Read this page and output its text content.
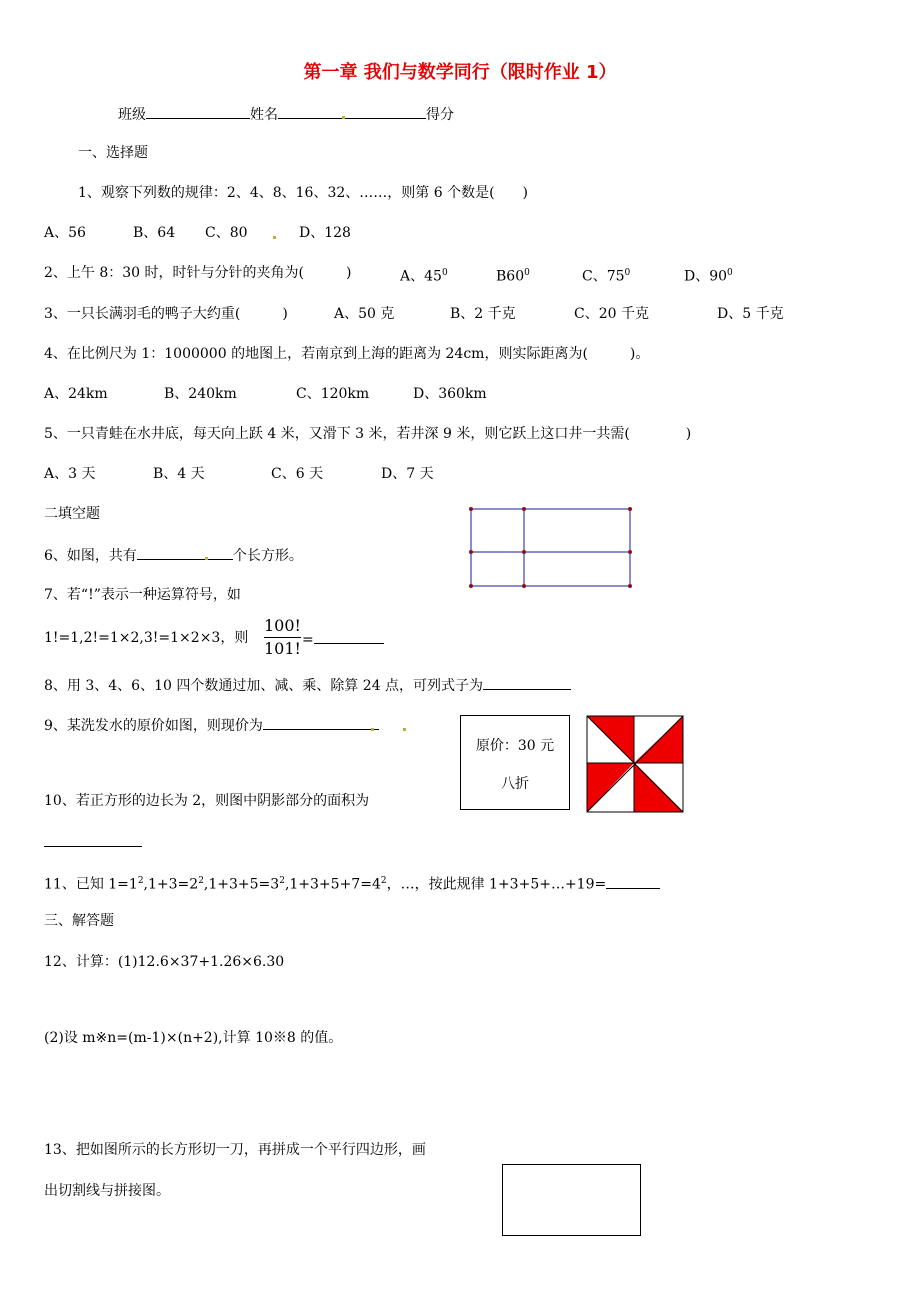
第一章 我们与数学同行（限时作业 1）
班级	姓名	得分
一、选择题
1、观察下列数的规律：2、4、8、16、32、……，则第 6 个数是(　　)
A、56	B、64 C、80	D、128
2、上午 8：30 时，时针与分针的夹角为(　　　)	A、$45^0$	$B60^0$	C、$75^0$	D、$90^0$
3、一只长满羽毛的鸭子大约重(　　　)	A、50 克	B、2 千克	C、20 千克	D、5 千克
4、在比例尺为 1：1000000 的地图上，若南京到上海的距离为 24cm，则实际距离为(　　　)。
A、24km	B、240km	C、120km	D、360km
5、一只青蛙在水井底，每天向上跃 4 米，又滑下 3 米，若井深 9 米，则它跃上这口井一共需(　　　　)
A、3 天	B、4 天	C、6 天	D、7 天
二填空题
6、如图，共有	个长方形。
7、若“!”表示一种运算符号，如
1!=1,2!=1×2,3!=1×2×3，则
100!
101! =
8、用 3、4、6、10 四个数通过加、减、乘、除算 24 点，可列式子为
9、某洗发水的原价如图，则现价为
原价：30 元
八折
10、若正方形的边长为 2，则图中阴影部分的面积为
11、已知 $1=1^2,1+3=2^2,1+3+5=3^2,1+3+5+7=4^2$，…，按此规律 1+3+5+…+19=
三、解答题
12、计算：(1)12.6×37+1.26×6.30
(2)设 m※n=(m-1)×(n+2),计算 10※8 的值。
13、把如图所示的长方形切一刀，再拼成一个平行四边形，画
出切割线与拼接图。
